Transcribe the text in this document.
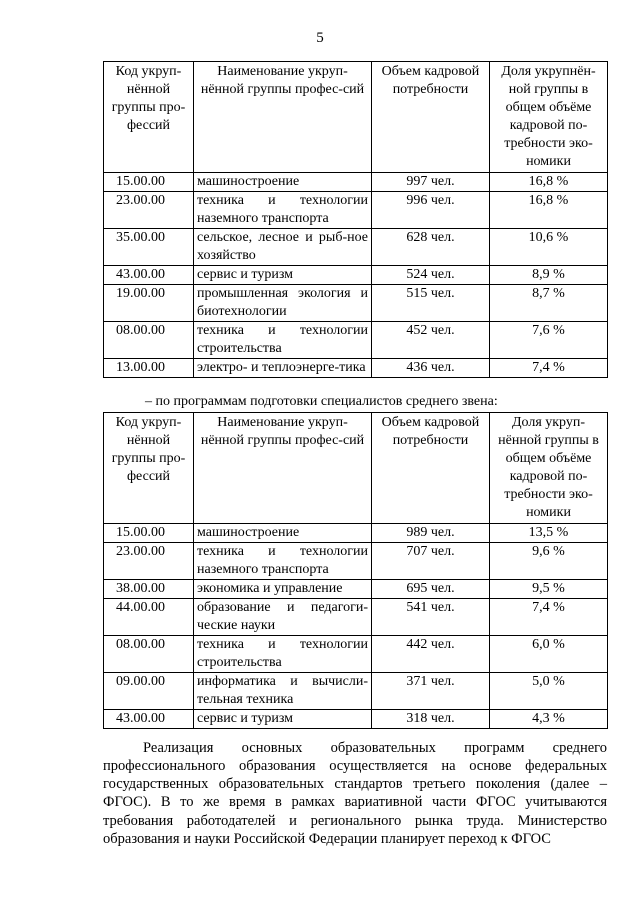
5
Код укруп-нённой группы про-фессий	Наименование укруп-нённой группы профес-сий	Объем кадровой потребности	Доля укрупнён-ной группы в общем объёме кадровой по-требности эко-номики
15.00.00	машиностроение	997 чел.	16,8 %
23.00.00	техника и технологии наземного транспорта	996 чел.	16,8 %
35.00.00	сельское, лесное и рыб-ное хозяйство	628 чел.	10,6 %
43.00.00	сервис и туризм	524 чел.	8,9 %
19.00.00	промышленная экология и биотехнологии	515 чел.	8,7 %
08.00.00	техника и технологии строительства	452 чел.	7,6 %
13.00.00	электро- и теплоэнерге-тика	436 чел.	7,4 %
– по программам подготовки специалистов среднего звена:
Код укруп-нённой группы про-фессий	Наименование укруп-нённой группы профес-сий	Объем кадровой потребности	Доля укруп-нённой группы в общем объёме кадровой по-требности эко-номики
15.00.00	машиностроение	989 чел.	13,5 %
23.00.00	техника и технологии наземного транспорта	707 чел.	9,6 %
38.00.00	экономика и управление	695 чел.	9,5 %
44.00.00	образование и педагоги-ческие науки	541 чел.	7,4 %
08.00.00	техника и технологии строительства	442 чел.	6,0 %
09.00.00	информатика и вычисли-тельная техника	371 чел.	5,0 %
43.00.00	сервис и туризм	318 чел.	4,3 %

Реализация основных образовательных программ среднего профессионального образования осуществляется на основе федеральных государственных образовательных стандартов третьего поколения (далее – ФГОС). В то же время в рамках вариативной части ФГОС учитываются требования работодателей и регионального рынка труда. Министерство образования и науки Российской Федерации планирует переход к ФГОС
